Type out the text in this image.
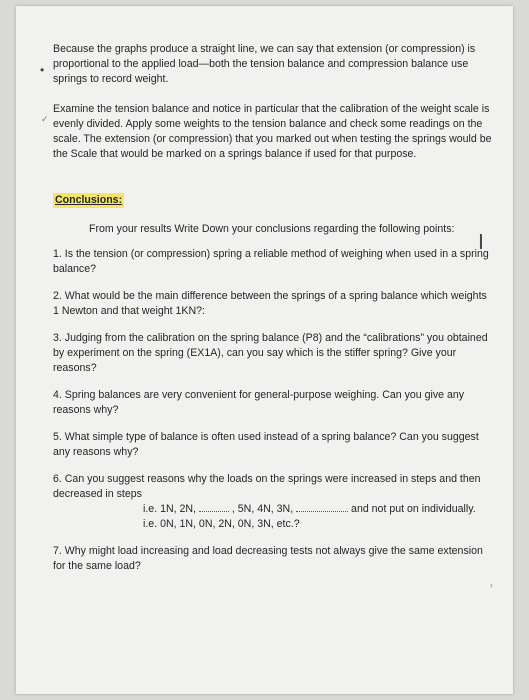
•
✓

Because the graphs produce a straight line, we can say that extension (or compression) is proportional to the applied load—both the tension balance and compression balance use springs to record weight.

Examine the tension balance and notice in particular that the calibration of the weight scale is evenly divided. Apply some weights to the tension balance and check some readings on the scale. The extension (or compression) that you marked out when testing the springs would be the Scale that would be marked on a springs balance if used for that purpose.

Conclusions:

From your results Write Down your conclusions regarding the following points:

1. Is the tension (or compression) spring a reliable method of weighing when used in a spring balance?

2. What would be the main difference between the springs of a spring balance which weights 1 Newton and that weight 1KN?:

3. Judging from the calibration on the spring balance (P8) and the “calibrations” you obtained by experiment on the spring (EX1A), can you say which is the stiffer spring? Give your reasons?

4. Spring balances are very convenient for general-purpose weighing. Can you give any reasons why?

5. What simple type of balance is often used instead of a spring balance? Can you suggest any reasons why?

6. Can you suggest reasons why the loads on the springs were increased in steps and then decreased in steps

i.e. 1N, 2N,	, 5N, 4N, 3N,	and not put on individually.

i.e. 0N, 1N, 0N, 2N, 0N, 3N, etc.?

7. Why might load increasing and load decreasing tests not always give the same extension for the same load?

‹
I
